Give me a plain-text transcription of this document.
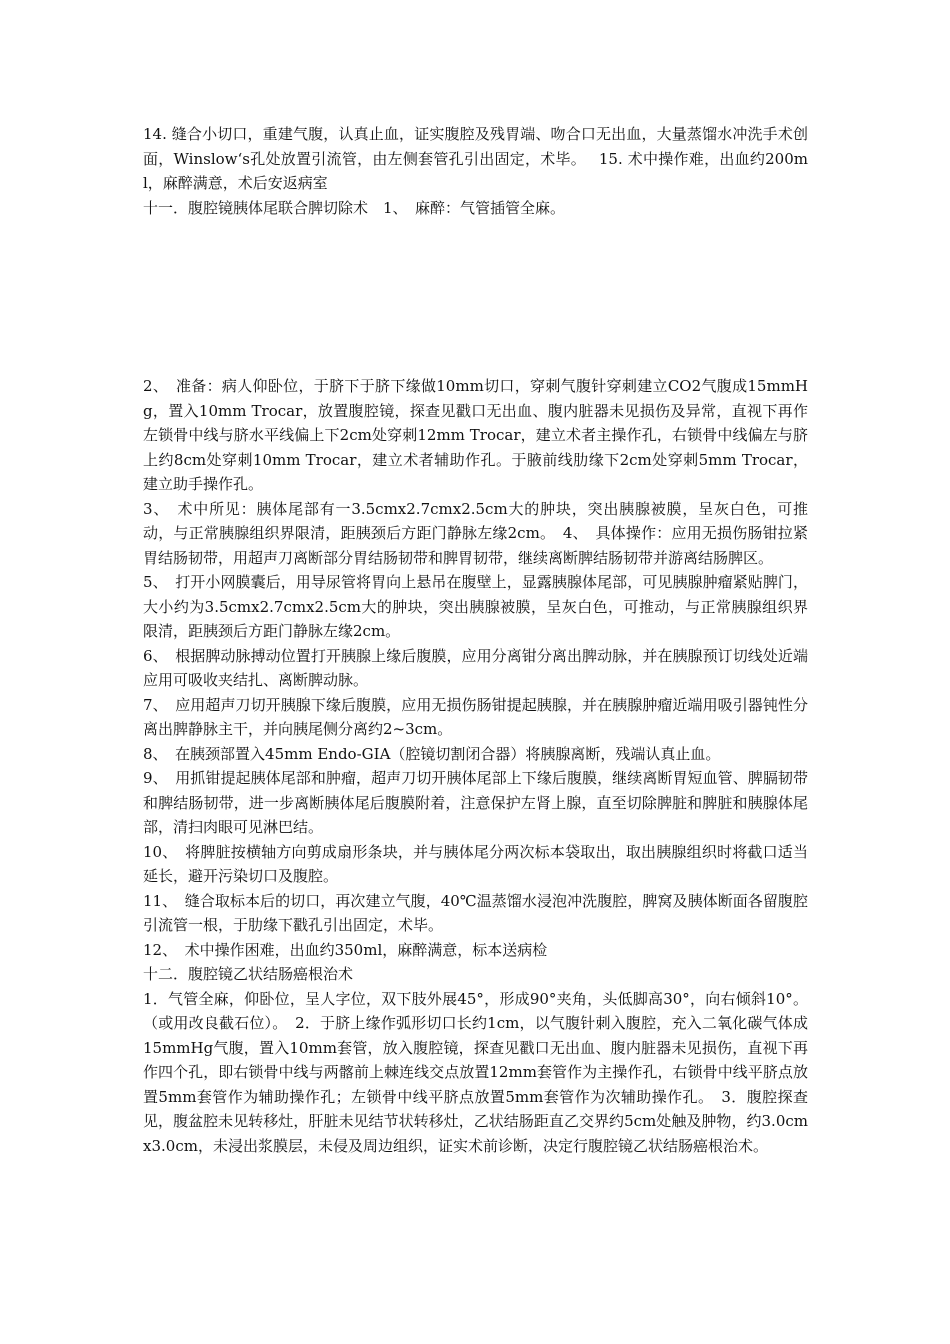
14. 缝合小切口，重建气腹，认真止血，证实腹腔及残胃端、吻合口无出血，大量蒸馏水冲洗手术创面，Winslow‘s孔处放置引流管，由左侧套管孔引出固定，术毕。　 15. 术中操作难，出血约200ml，麻醉满意，术后安返病室

十一．腹腔镜胰体尾联合脾切除术　1、　麻醉：气管插管全麻。

2、　准备：病人仰卧位，于脐下于脐下缘做10mm切口，穿刺气腹针穿刺建立CO2气腹成15mmHg，置入10mm Trocar，放置腹腔镜，探查见戳口无出血、腹内脏器未见损伤及异常，直视下再作左锁骨中线与脐水平线偏上下2cm处穿刺12mm Trocar，建立术者主操作孔，右锁骨中线偏左与脐上约8cm处穿刺10mm Trocar，建立术者辅助作孔。于腋前线肋缘下2cm处穿刺5mm Trocar，建立助手操作孔。

3、　术中所见：胰体尾部有一3.5cmx2.7cmx2.5cm大的肿块，突出胰腺被膜，呈灰白色，可推动，与正常胰腺组织界限清，距胰颈后方距门静脉左缘2cm。　4、　具体操作：应用无损伤肠钳拉紧胃结肠韧带，用超声刀离断部分胃结肠韧带和脾胃韧带，继续离断脾结肠韧带并游离结肠脾区。

5、　打开小网膜囊后，用导尿管将胃向上悬吊在腹壁上，显露胰腺体尾部，可见胰腺肿瘤紧贴脾门，大小约为3.5cmx2.7cmx2.5cm大的肿块，突出胰腺被膜，呈灰白色，可推动，与正常胰腺组织界限清，距胰颈后方距门静脉左缘2cm。

6、　根据脾动脉搏动位置打开胰腺上缘后腹膜，应用分离钳分离出脾动脉，并在胰腺预订切线处近端应用可吸收夹结扎、离断脾动脉。

7、　应用超声刀切开胰腺下缘后腹膜，应用无损伤肠钳提起胰腺，并在胰腺肿瘤近端用吸引器钝性分离出脾静脉主干，并向胰尾侧分离约2~3cm。

8、　在胰颈部置入45mm Endo-GIA（腔镜切割闭合器）将胰腺离断，残端认真止血。

9、　用抓钳提起胰体尾部和肿瘤，超声刀切开胰体尾部上下缘后腹膜，继续离断胃短血管、脾膈韧带和脾结肠韧带，进一步离断胰体尾后腹膜附着，注意保护左肾上腺，直至切除脾脏和脾脏和胰腺体尾部，清扫肉眼可见淋巴结。

10、　将脾脏按横轴方向剪成扇形条块，并与胰体尾分两次标本袋取出，取出胰腺组织时将截口适当延长，避开污染切口及腹腔。

11、　缝合取标本后的切口，再次建立气腹，40℃温蒸馏水浸泡冲洗腹腔，脾窝及胰体断面各留腹腔引流管一根，于肋缘下戳孔引出固定，术毕。

12、　术中操作困难，出血约350ml，麻醉满意，标本送病检

十二．腹腔镜乙状结肠癌根治术

1．气管全麻，仰卧位，呈人字位，双下肢外展45°，形成90°夹角，头低脚高30°，向右倾斜10°。（或用改良截石位）。　2．于脐上缘作弧形切口长约1cm，以气腹针刺入腹腔，充入二氧化碳气体成15mmHg气腹，置入10mm套管，放入腹腔镜，探查见戳口无出血、腹内脏器未见损伤，直视下再作四个孔，即右锁骨中线与两髂前上棘连线交点放置12mm套管作为主操作孔，右锁骨中线平脐点放置5mm套管作为辅助操作孔；左锁骨中线平脐点放置5mm套管作为次辅助操作孔。　3．腹腔探查见，腹盆腔未见转移灶，肝脏未见结节状转移灶，乙状结肠距直乙交界约5cm处触及肿物，约3.0cmx3.0cm，未浸出浆膜层，未侵及周边组织，证实术前诊断，决定行腹腔镜乙状结肠癌根治术。
